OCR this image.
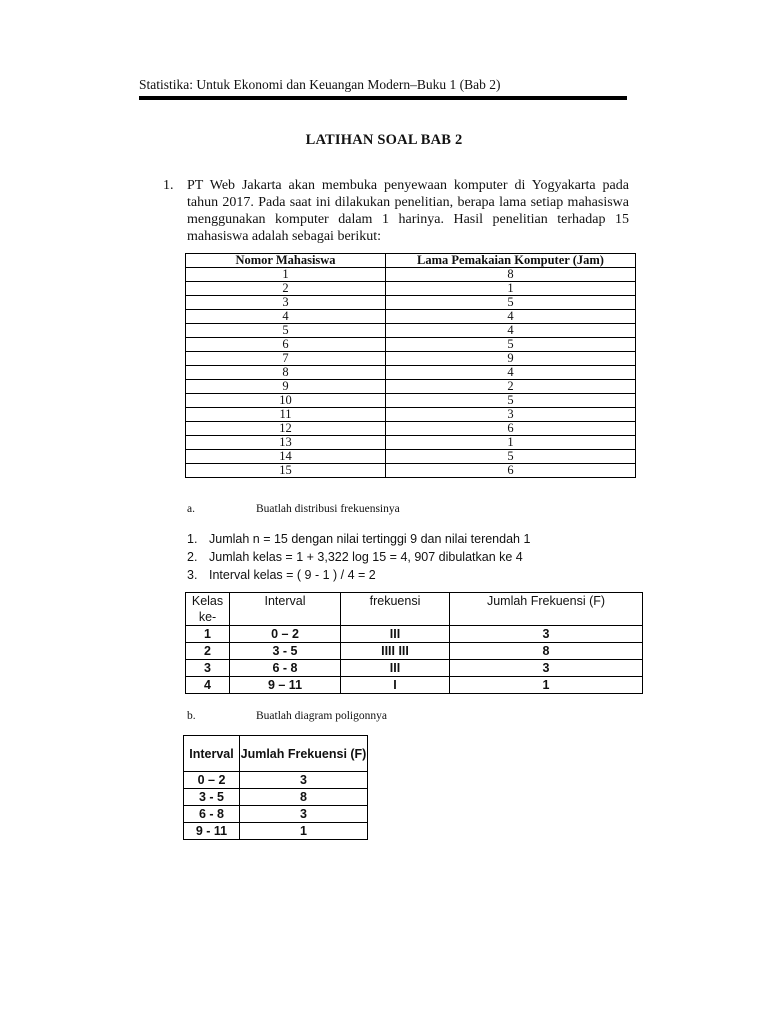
Statistika: Untuk Ekonomi dan Keuangan Modern–Buku 1 (Bab 2)
LATIHAN SOAL BAB 2
1. PT Web Jakarta akan membuka penyewaan komputer di Yogyakarta pada tahun 2017. Pada saat ini dilakukan penelitian, berapa lama setiap mahasiswa menggunakan komputer dalam 1 harinya. Hasil penelitian terhadap 15 mahasiswa adalah sebagai berikut:
Nomor Mahasiswa	Lama Pemakaian Komputer (Jam)
1	8
2	1
3	5
4	4
5	4
6	5
7	9
8	4
9	2
10	5
11	3
12	6
13	1
14	5
15	6
a.	Buatlah distribusi frekuensinya
1. Jumlah n = 15 dengan nilai tertinggi 9 dan nilai terendah 1
2. Jumlah kelas = 1 + 3,322 log 15 = 4, 907 dibulatkan ke 4
3. Interval kelas = ( 9 - 1 ) / 4 = 2
Kelas ke-	Interval	frekuensi	Jumlah Frekuensi (F)
1	0 – 2	III	3
2	3 - 5	IIII III	8
3	6 - 8	III	3
4	9 – 11	I	1
b.	Buatlah diagram poligonnya
Interval	Jumlah Frekuensi (F)
0 – 2	3
3 - 5	8
6 - 8	3
9 - 11	1
